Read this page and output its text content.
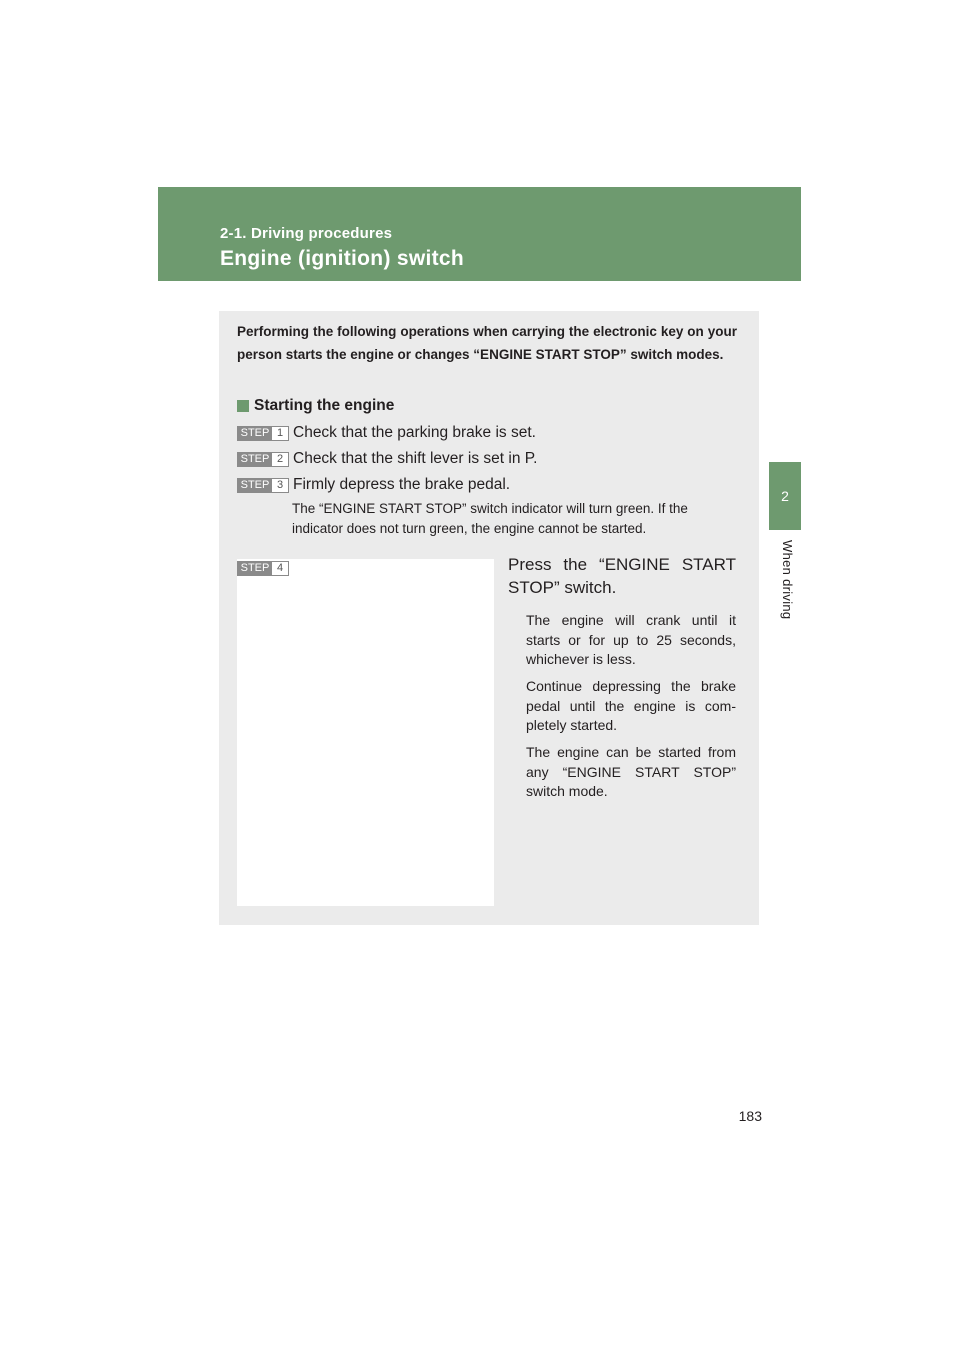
2-1. Driving procedures
Engine (ignition) switch
2
When driving
Performing the following operations when carrying the electronic key on your person starts the engine or changes “ENGINE START STOP” switch modes.
Starting the engine
STEP 1 Check that the parking brake is set.
STEP 2 Check that the shift lever is set in P.
STEP 3 Firmly depress the brake pedal.
The “ENGINE START STOP” switch indicator will turn green. If the indicator does not turn green, the engine cannot be started.
STEP 4	Press the “ENGINE START STOP” switch.
The engine will crank until it starts or for up to 25 seconds, whichever is less.
Continue depressing the brake pedal until the engine is com-pletely started.
The engine can be started from any “ENGINE START STOP” switch mode.
183
